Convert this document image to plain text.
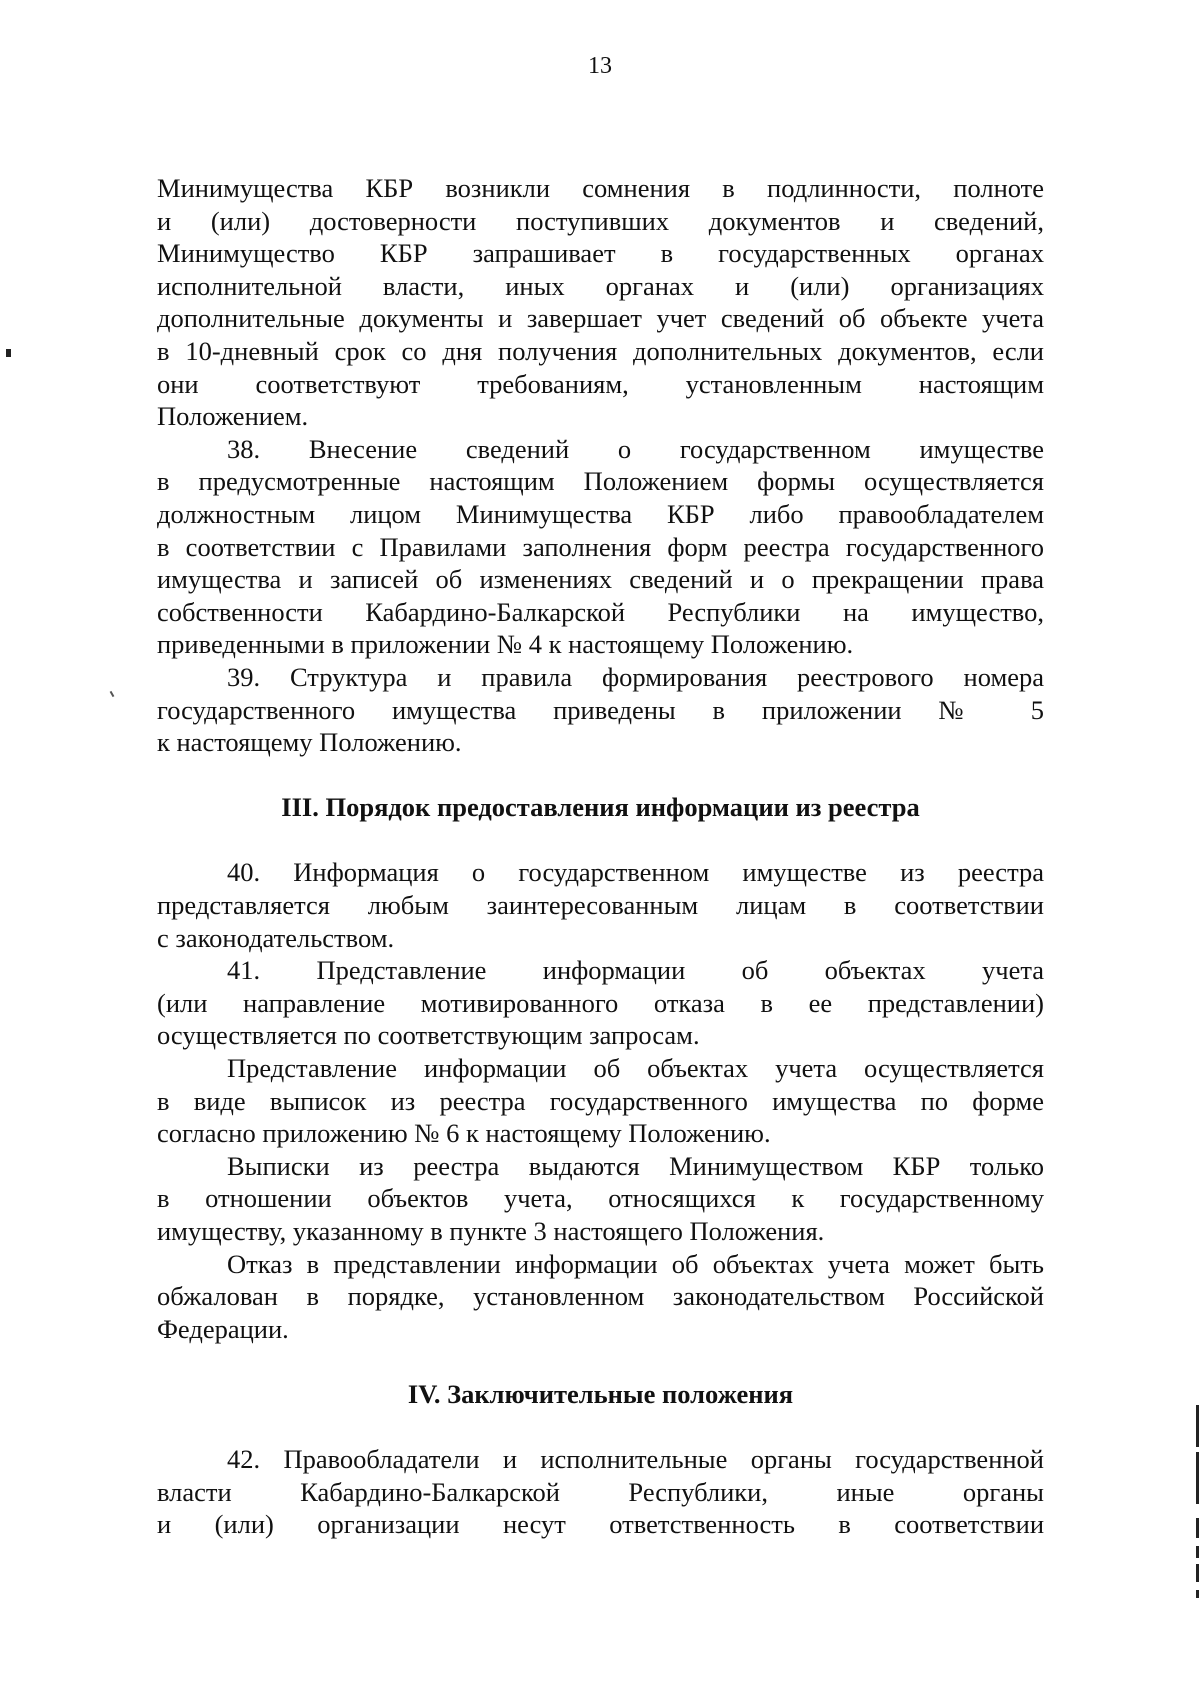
13
Минимущества КБР возникли сомнения в подлинности, полноте
и (или) достоверности поступивших документов и сведений,
Минимущество КБР запрашивает в государственных органах
исполнительной власти, иных органах и (или) организациях
дополнительные документы и завершает учет сведений об объекте учета
в 10-дневный срок со дня получения дополнительных документов, если
они соответствуют требованиям, установленным настоящим
Положением.
38. Внесение сведений о государственном имуществе
в предусмотренные настоящим Положением формы осуществляется
должностным лицом Минимущества КБР либо правообладателем
в соответствии с Правилами заполнения форм реестра государственного
имущества и записей об изменениях сведений и о прекращении права
собственности Кабардино-Балкарской Республики на имущество,
приведенными в приложении № 4 к настоящему Положению.
39. Структура и правила формирования реестрового номера
государственного имущества приведены в приложении № 5
к настоящему Положению.
III. Порядок предоставления информации из реестра
40. Информация о государственном имуществе из реестра
представляется любым заинтересованным лицам в соответствии
с законодательством.
41. Представление информации об объектах учета
(или направление мотивированного отказа в ее представлении)
осуществляется по соответствующим запросам.
Представление информации об объектах учета осуществляется
в виде выписок из реестра государственного имущества по форме
согласно приложению № 6 к настоящему Положению.
Выписки из реестра выдаются Минимуществом КБР только
в отношении объектов учета, относящихся к государственному
имуществу, указанному в пункте 3 настоящего Положения.
Отказ в представлении информации об объектах учета может быть
обжалован в порядке, установленном законодательством Российской
Федерации.
IV. Заключительные положения
42. Правообладатели и исполнительные органы государственной
власти Кабардино-Балкарской Республики, иные органы
и (или) организации несут ответственность в соответствии
